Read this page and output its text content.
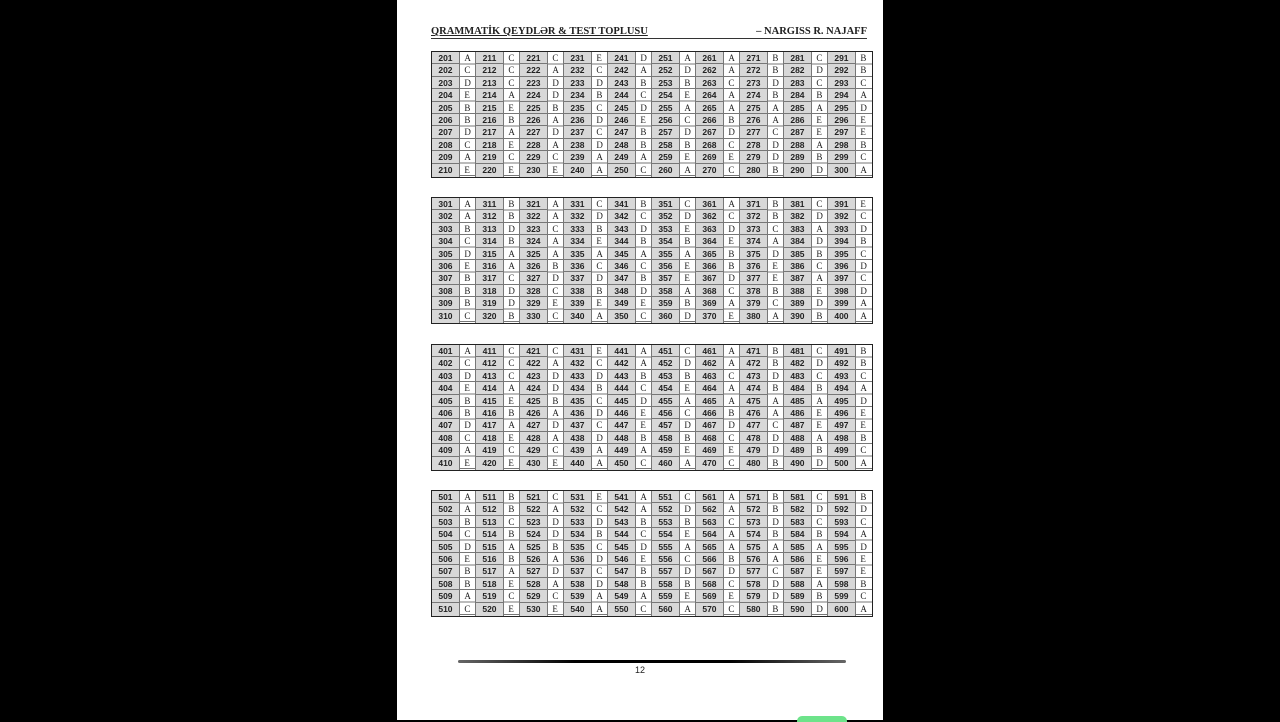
QRAMMATİK QEYDLƏR & TEST TOPLUSU	– NARGISS R. NAJAFF
201
202
203
204
205
206
207
208
209
210
ACDEBBDCAE
211
212
213
214
215
216
217
218
219
220
CCCAEBAECE
221
222
223
224
225
226
227
228
229
230
CADDBADACE
231
232
233
234
235
236
237
238
239
240
ECDBCDCDAA
241
242
243
244
245
246
247
248
249
250
DABCDEBBAC
251
252
253
254
255
256
257
258
259
260
ADBEACDBEA
261
262
263
264
265
266
267
268
269
270
AACAABDCEC
271
272
273
274
275
276
277
278
279
280
BBDBAACDDB
281
282
283
284
285
286
287
288
289
290
CDCBAEEABD
291
292
293
294
295
296
297
298
299
300
BBCADEEBCA
301
302
303
304
305
306
307
308
309
310
AABCDEBBBC
311
312
313
314
315
316
317
318
319
320
BBDBAACDDB
321
322
323
324
325
326
327
328
329
330
AACAABDCEC
331
332
333
334
335
336
337
338
339
340
CDBEACDBEA
341
342
343
344
345
346
347
348
349
350
BCDBACBDEC
351
352
353
354
355
356
357
358
359
360
CDEBAEEABD
361
362
363
364
365
366
367
368
369
370
ACDEBBDCAE
371
372
373
374
375
376
377
378
379
380
BBCADEEBCA
381
382
383
384
385
386
387
388
389
390
CDADBCAEDB
391
392
393
394
395
396
397
398
399
400
ECDBCDCDAA
401
402
403
404
405
406
407
408
409
410
ACDEBBDCAE
411
412
413
414
415
416
417
418
419
420
CCCAEBAECE
421
422
423
424
425
426
427
428
429
430
CADDBADACE
431
432
433
434
435
436
437
438
439
440
ECDBCDCDAA
441
442
443
444
445
446
447
448
449
450
AABCDEEBAC
451
452
453
454
455
456
457
458
459
460
CDBEACDBEA
461
462
463
464
465
466
467
468
469
470
AACAABDCEC
471
472
473
474
475
476
477
478
479
480
BBDBAACDDB
481
482
483
484
485
486
487
488
489
490
CDCBAEEABD
491
492
493
494
495
496
497
498
499
500
BBCADEEBCA
501
502
503
504
505
506
507
508
509
510
AABCDEBBAC
511
512
513
514
515
516
517
518
519
520
BBCBABAECE
521
522
523
524
525
526
527
528
529
530
CADDBADACE
531
532
533
534
535
536
537
538
539
540
ECDBCDCDAA
541
542
543
544
545
546
547
548
549
550
AABCDEBBAC
551
552
553
554
555
556
557
558
559
560
CDBEACDBEA
561
562
563
564
565
566
567
568
569
570
AACAABDCEC
571
572
573
574
575
576
577
578
579
580
BBDBAACDDB
581
582
583
584
585
586
587
588
589
590
CDCBAEEABD
591
592
593
594
595
596
597
598
599
600
BDCADEEBCA
12
